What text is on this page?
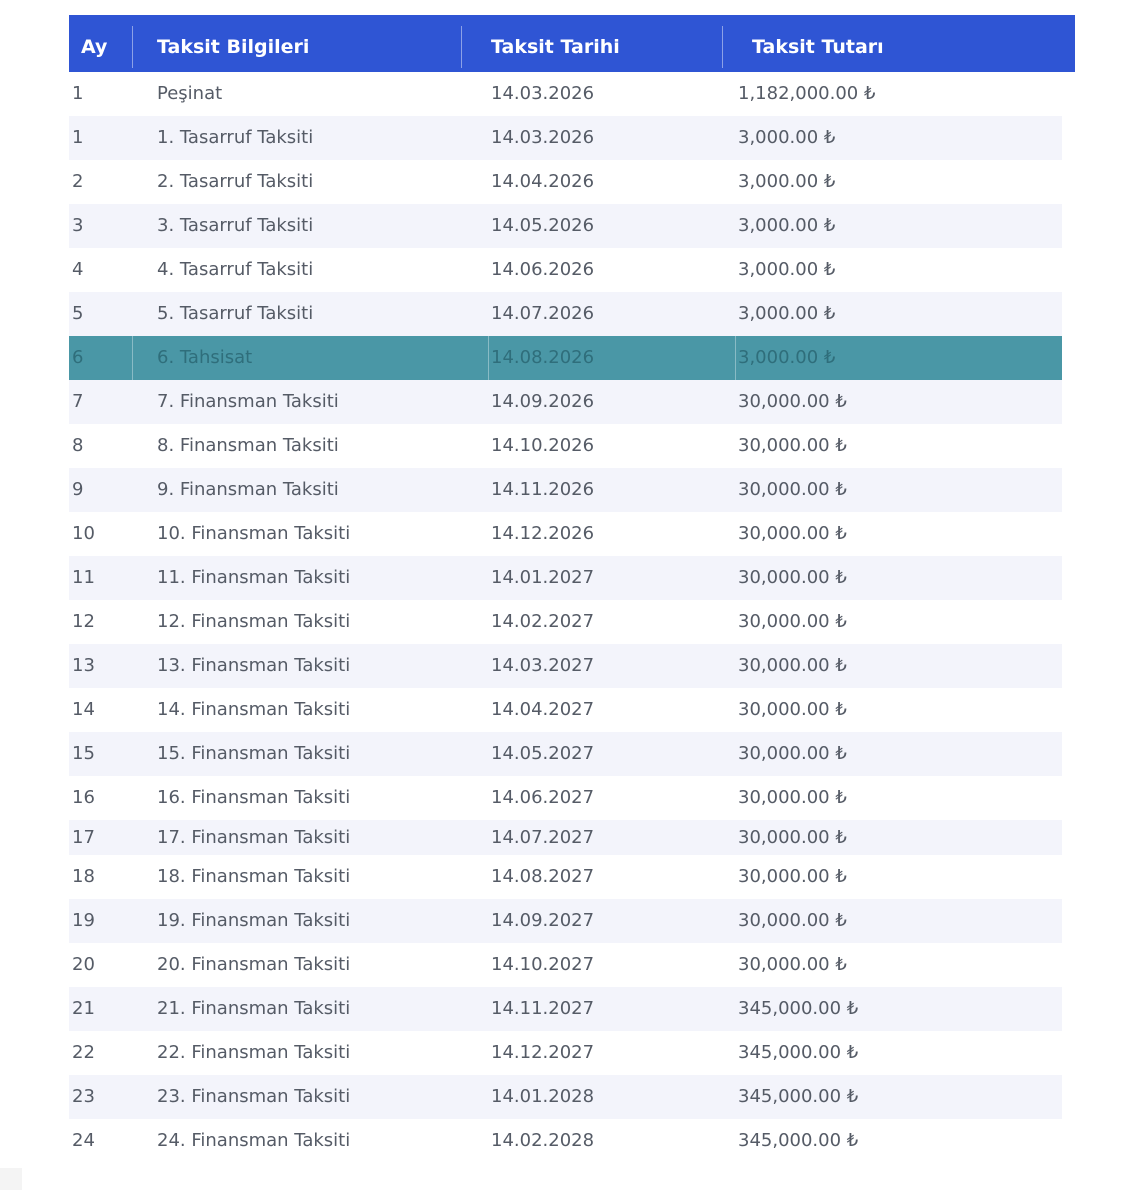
Ay	Taksit Bilgileri	Taksit Tarihi	Taksit Tutarı
1	Peşinat	14.03.2026	1,182,000.00 ₺
1	1. Tasarruf Taksiti	14.03.2026	3,000.00 ₺
2	2. Tasarruf Taksiti	14.04.2026	3,000.00 ₺
3	3. Tasarruf Taksiti	14.05.2026	3,000.00 ₺
4	4. Tasarruf Taksiti	14.06.2026	3,000.00 ₺
5	5. Tasarruf Taksiti	14.07.2026	3,000.00 ₺
6	6. Tahsisat	14.08.2026	3,000.00 ₺
7	7. Finansman Taksiti	14.09.2026	30,000.00 ₺
8	8. Finansman Taksiti	14.10.2026	30,000.00 ₺
9	9. Finansman Taksiti	14.11.2026	30,000.00 ₺
10	10. Finansman Taksiti	14.12.2026	30,000.00 ₺
11	11. Finansman Taksiti	14.01.2027	30,000.00 ₺
12	12. Finansman Taksiti	14.02.2027	30,000.00 ₺
13	13. Finansman Taksiti	14.03.2027	30,000.00 ₺
14	14. Finansman Taksiti	14.04.2027	30,000.00 ₺
15	15. Finansman Taksiti	14.05.2027	30,000.00 ₺
16	16. Finansman Taksiti	14.06.2027	30,000.00 ₺
17	17. Finansman Taksiti	14.07.2027	30,000.00 ₺
18	18. Finansman Taksiti	14.08.2027	30,000.00 ₺
19	19. Finansman Taksiti	14.09.2027	30,000.00 ₺
20	20. Finansman Taksiti	14.10.2027	30,000.00 ₺
21	21. Finansman Taksiti	14.11.2027	345,000.00 ₺
22	22. Finansman Taksiti	14.12.2027	345,000.00 ₺
23	23. Finansman Taksiti	14.01.2028	345,000.00 ₺
24	24. Finansman Taksiti	14.02.2028	345,000.00 ₺
